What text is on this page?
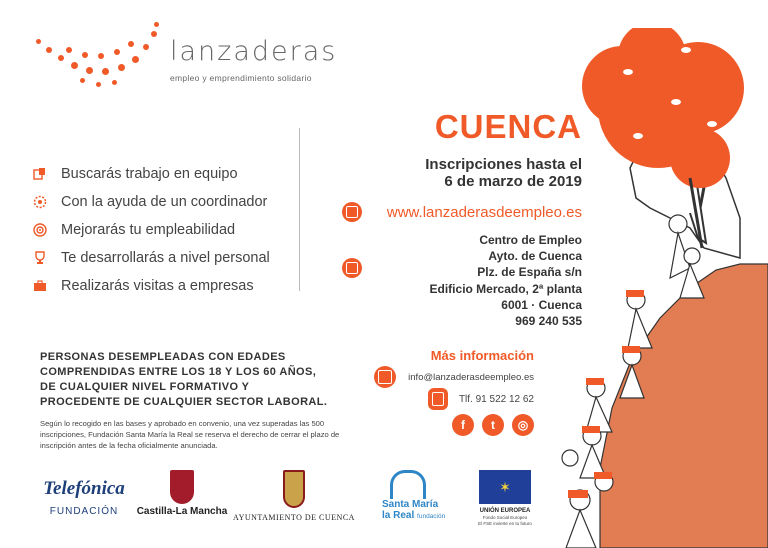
lanzaderas
empleo y emprendimiento solidario
Buscarás trabajo en equipo
Con la ayuda de un coordinador
Mejorarás tu empleabilidad
Te desarrollarás a nivel personal
Realizarás visitas a empresas
PERSONAS DESEMPLEADAS CON EDADES COMPRENDIDAS ENTRE LOS 18 Y LOS 60 AÑOS, DE CUALQUIER NIVEL FORMATIVO Y PROCEDENTE DE CUALQUIER SECTOR LABORAL.
Según lo recogido en las bases y aprobado en convenio, una vez superadas las 500 inscripciones, Fundación Santa María la Real se reserva el derecho de cerrar el plazo de inscripción antes de la fecha oficialmente anunciada.
CUENCA
Inscripciones hasta el
6 de marzo de 2019
www.lanzaderasdeempleo.es
Centro de Empleo
Ayto. de Cuenca
Plz. de España s/n
Edificio Mercado, 2ª planta
6001 · Cuenca
969 240 535
Más información
info@lanzaderasdeempleo.es
Tlf. 91 522 12 62
f	t	◎
Telefónica
FUNDACIÓN	Castilla-La Mancha
AYUNTAMIENTO DE CUENCA
Santa María
la Real fundación
✶
UNIÓN EUROPEA
Fondo Social Europeo
El FSE invierte en tu futuro
